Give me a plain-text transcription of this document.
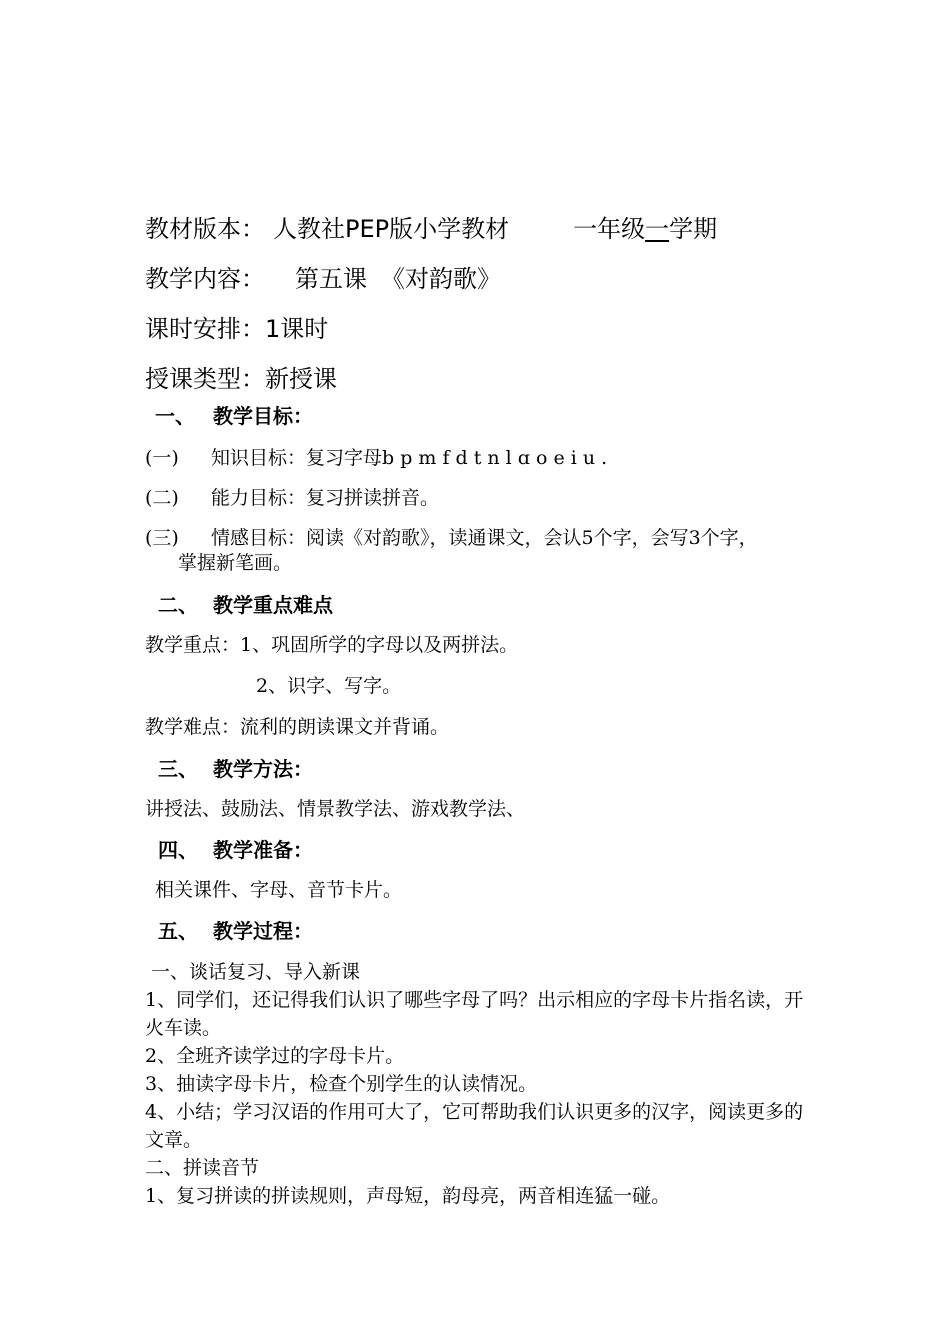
教材版本： 人教社PEP版小学教材	一年级一学期
教学内容： 第五课 《对韵歌》
课时安排：1课时
授课类型：新授课
一、 教学目标：
(一) 知识目标：复习字母b p m f d t n l ɑ o e i u .
(二) 能力目标：复习拼读拼音。
(三) 情感目标：阅读《对韵歌》，读通课文，会认5个字，会写3个字，
掌握新笔画。
二、 教学重点难点
教学重点：1、巩固所学的字母以及两拼法。
2、识字、写字。
教学难点：流利的朗读课文并背诵。
三、 教学方法：
讲授法、鼓励法、情景教学法、游戏教学法、
四、 教学准备：
相关课件、字母、音节卡片。
五、 教学过程：

一、谈话复习、导入新课

1、同学们，还记得我们认识了哪些字母了吗？出示相应的字母卡片指名读，开火车读。

2、全班齐读学过的字母卡片。

3、抽读字母卡片，检查个别学生的认读情况。

4、小结；学习汉语的作用可大了，它可帮助我们认识更多的汉字，阅读更多的文章。

二、拼读音节

1、复习拼读的拼读规则，声母短，韵母亮，两音相连猛一碰。
